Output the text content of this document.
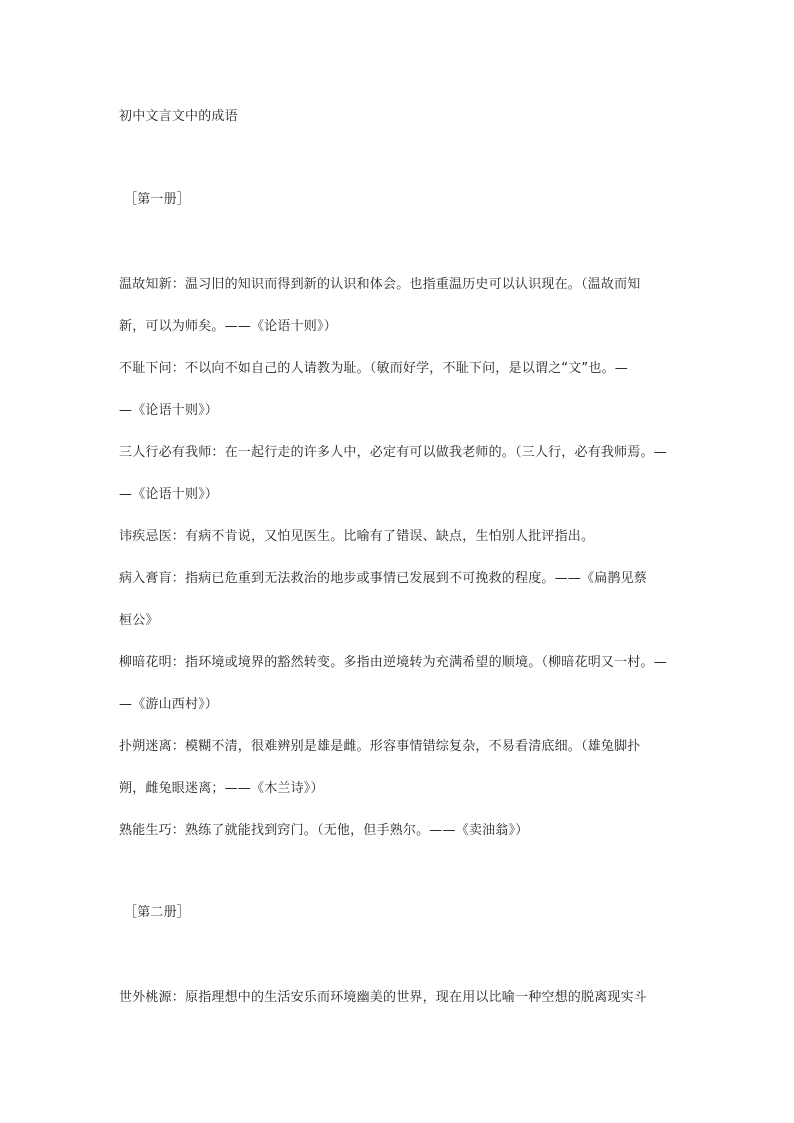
初中文言文中的成语
［第一册］
温故知新：温习旧的知识而得到新的认识和体会。也指重温历史可以认识现在。（温故而知
新，可以为师矣。——《论语十则》）
不耻下问：不以向不如自己的人请教为耻。（敏而好学，不耻下问，是以谓之“文”也。—
—《论语十则》）
三人行必有我师：在一起行走的许多人中，必定有可以做我老师的。（三人行，必有我师焉。—
—《论语十则》）
讳疾忌医：有病不肯说，又怕见医生。比喻有了错误、缺点，生怕别人批评指出。
病入膏肓：指病已危重到无法救治的地步或事情已发展到不可挽救的程度。——《扁鹊见蔡
桓公》
柳暗花明：指环境或境界的豁然转变。多指由逆境转为充满希望的顺境。（柳暗花明又一村。—
—《游山西村》）
扑朔迷离：模糊不清，很难辨别是雄是雌。形容事情错综复杂，不易看清底细。（雄兔脚扑
朔，雌兔眼迷离；——《木兰诗》）
熟能生巧：熟练了就能找到窍门。（无他，但手熟尔。——《卖油翁》）
［第二册］
世外桃源：原指理想中的生活安乐而环境幽美的世界，现在用以比喻一种空想的脱离现实斗
